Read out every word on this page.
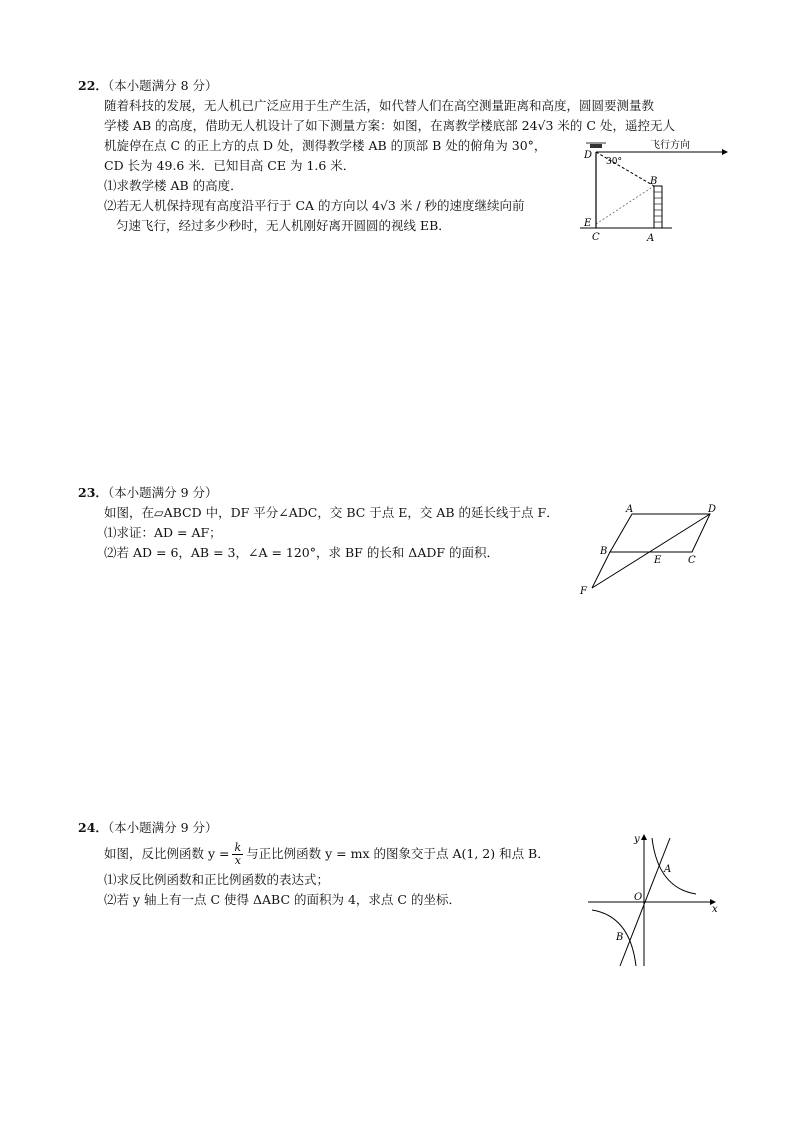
22．（本小题满分 8 分）
随着科技的发展，无人机已广泛应用于生产生活，如代替人们在高空测量距离和高度，圆圆要测量教
学楼 AB 的高度，借助无人机设计了如下测量方案：如图，在离教学楼底部 24√3 米的 C 处，遥控无人
机旋停在点 C 的正上方的点 D 处，测得教学楼 AB 的顶部 B 处的俯角为 30°，
CD 长为 49.6 米．已知目高 CE 为 1.6 米．
⑴求教学楼 AB 的高度．
⑵若无人机保持现有高度沿平行于 CA 的方向以 4√3 米 / 秒的速度继续向前
匀速飞行，经过多少秒时，无人机刚好离开圆圆的视线 EB．
飞行方向
30°
D
B
E
C	A
23．（本小题满分 9 分）
如图，在▱ABCD 中，DF 平分∠ADC，交 BC 于点 E，交 AB 的延长线于点 F．
⑴求证：AD = AF；
⑵若 AD = 6，AB = 3，∠A = 120°，求 BF 的长和 ΔADF 的面积．
A	D
B
E	C
F
24．（本小题满分 9 分）
如图，反比例函数 $y = \frac{k}{x}$ 与正比例函数 y = mx 的图象交于点 A(1, 2) 和点 B．
⑴求反比例函数和正比例函数的表达式；
⑵若 y 轴上有一点 C 使得 ΔABC 的面积为 4，求点 C 的坐标．
y
x
O
A
B
